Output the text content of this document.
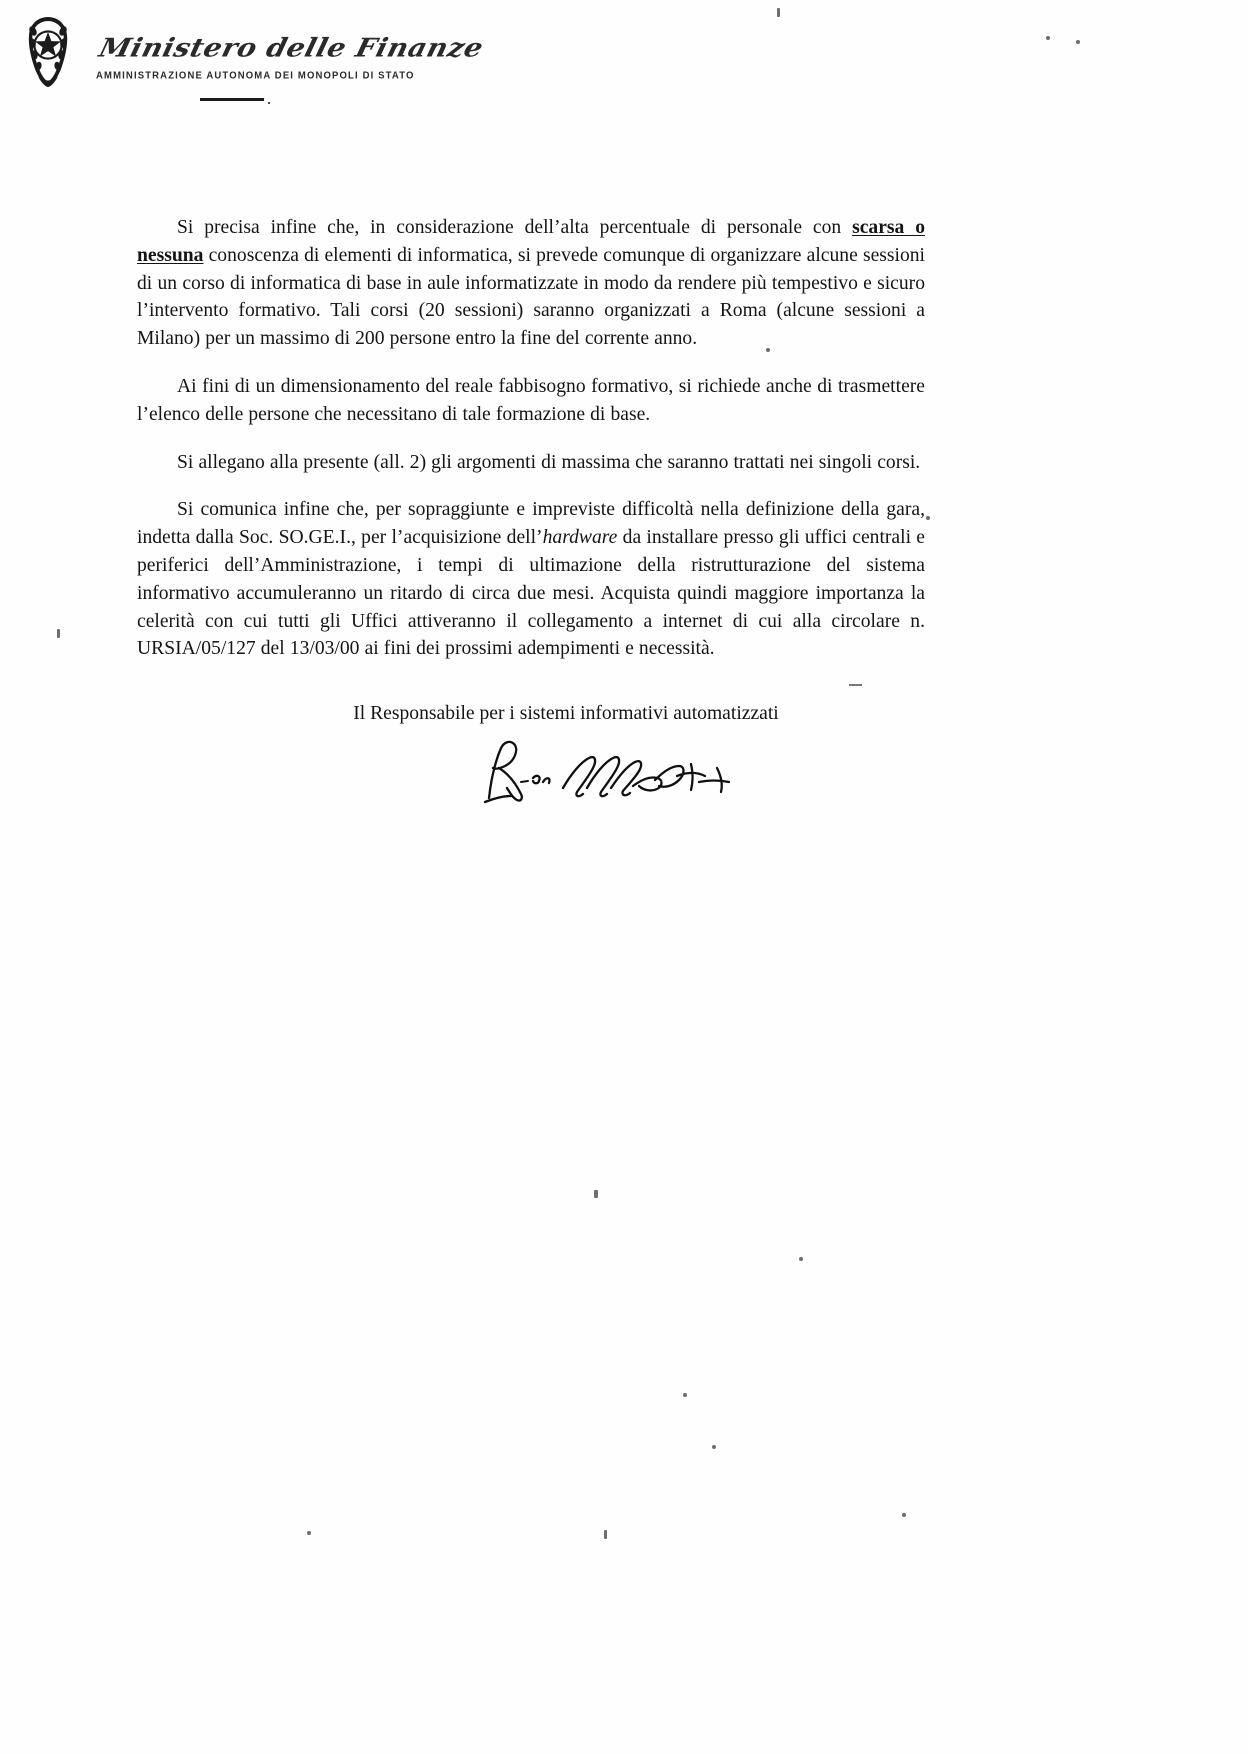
Ministero delle Finanze
AMMINISTRAZIONE AUTONOMA DEI MONOPOLI DI STATO

Si precisa infine che, in considerazione dell’alta percentuale di personale con scarsa o nessuna conoscenza di elementi di informatica, si prevede comunque di organizzare alcune sessioni di un corso di informatica di base in aule informatizzate in modo da rendere più tempestivo e sicuro l’intervento formativo. Tali corsi (20 sessioni) saranno organizzati a Roma (alcune sessioni a Milano) per un massimo di 200 persone entro la fine del corrente anno.

Ai fini di un dimensionamento del reale fabbisogno formativo, si richiede anche di trasmettere l’elenco delle persone che necessitano di tale formazione di base.

Si allegano alla presente (all. 2) gli argomenti di massima che saranno trattati nei singoli corsi.

Si comunica infine che, per sopraggiunte e impreviste difficoltà nella definizione della gara, indetta dalla Soc. SO.GE.I., per l’acquisizione dell’hardware da installare presso gli uffici centrali e periferici dell’Amministrazione, i tempi di ultimazione della ristrutturazione del sistema informativo accumuleranno un ritardo di circa due mesi. Acquista quindi maggiore importanza la celerità con cui tutti gli Uffici attiveranno il collegamento a internet di cui alla circolare n. URSIA/05/127 del 13/03/00 ai fini dei prossimi adempimenti e necessità.

Il Responsabile per i sistemi informativi automatizzati
